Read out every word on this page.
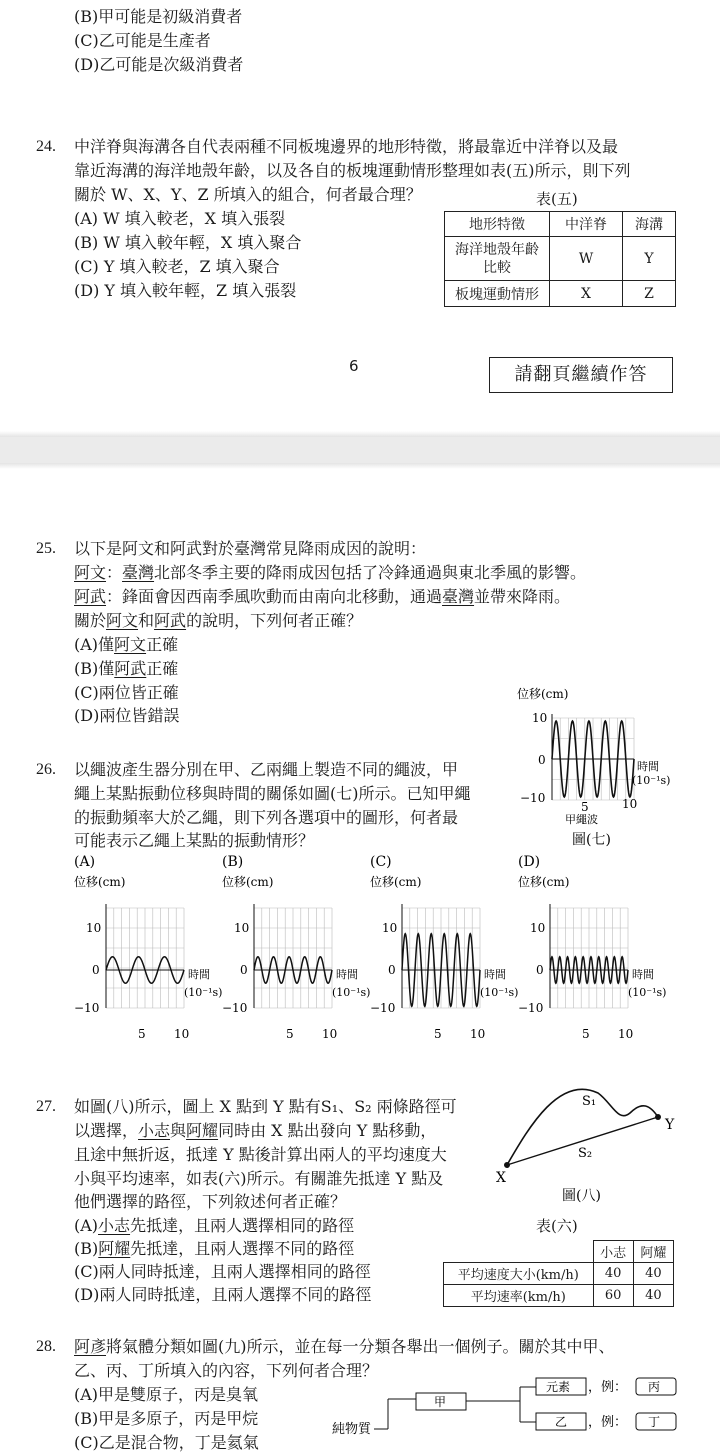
(B)甲可能是初級消費者
(C)乙可能是生產者
(D)乙可能是次級消費者
24. 中洋脊與海溝各自代表兩種不同板塊邊界的地形特徵，將最靠近中洋脊以及最
靠近海溝的海洋地殼年齡，以及各自的板塊運動情形整理如表(五)所示，則下列
關於 W、X、Y、Z 所填入的組合，何者最合理？	表(五)
(A) W 填入較老，X 填入張裂
(B) W 填入較年輕，X 填入聚合
(C) Y 填入較老，Z 填入聚合
(D) Y 填入較年輕，Z 填入張裂
地形特徵	中洋脊	海溝
海洋地殼年齡
比較	W	Y
板塊運動情形	X	Z
6	請翻頁繼續作答
25. 以下是阿文和阿武對於臺灣常見降雨成因的說明：
阿文：臺灣北部冬季主要的降雨成因包括了冷鋒通過與東北季風的影響。
阿武：鋒面會因西南季風吹動而由南向北移動，通過臺灣並帶來降雨。
關於阿文和阿武的說明，下列何者正確？
(A)僅阿文正確
(B)僅阿武正確
(C)兩位皆正確
(D)兩位皆錯誤
位移(cm)
10
0
−10
時間
(10⁻¹s)
5	10
甲繩波
圖(七)
26. 以繩波產生器分別在甲、乙兩繩上製造不同的繩波，甲
繩上某點振動位移與時間的關係如圖(七)所示。已知甲繩
的振動頻率大於乙繩，則下列各選項中的圖形，何者最
可能表示乙繩上某點的振動情形？
(A)
位移(cm)
10
0
−10
時間
(10⁻¹s)
5 10
(B)
位移(cm)
10
0
−10
時間
(10⁻¹s)
5 10
(C)
位移(cm)
10
0
−10
時間
(10⁻¹s)
5 10
(D)
位移(cm)
10
0
−10
時間
(10⁻¹s)
5 10
27. 如圖(八)所示，圖上 X 點到 Y 點有S₁、S₂ 兩條路徑可
以選擇，小志與阿耀同時由 X 點出發向 Y 點移動，
且途中無折返，抵達 Y 點後計算出兩人的平均速度大
小與平均速率，如表(六)所示。有關誰先抵達 Y 點及
他們選擇的路徑，下列敘述何者正確？
(A)小志先抵達，且兩人選擇相同的路徑
(B)阿耀先抵達，且兩人選擇不同的路徑
(C)兩人同時抵達，且兩人選擇相同的路徑
(D)兩人同時抵達，且兩人選擇不同的路徑
S₁
S₂
X
Y
圖(八)
表(六)
	小志	阿耀
平均速度大小(km/h)	40	40
平均速率(km/h)	60	40
28. 阿彥將氣體分類如圖(九)所示，並在每一分類各舉出一個例子。關於其中甲、
乙、丙、丁所填入的內容，下列何者合理？
(A)甲是雙原子，丙是臭氧
(B)甲是多原子，丙是甲烷
(C)乙是混合物，丁是氦氣
純物質
甲
元素 ，例： 丙
乙 ，例： 丁
